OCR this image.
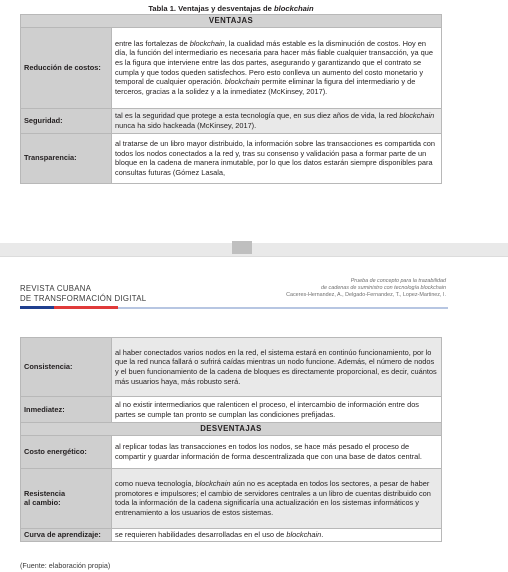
Tabla 1. Ventajas y desventajas de blockchain
VENTAJAS	
Reducción de costos:	entre las fortalezas de blockchain, la cualidad más estable es la disminución de costos. Hoy en día, la función del intermediario es necesaria para hacer más fiable cualquier transacción, ya que es la figura que interviene entre las dos partes, asegurando y garantizando que el contrato se cumpla y que todos queden satisfechos. Pero esto conlleva un aumento del costo monetario y temporal de cualquier operación. blockchain permite eliminar la figura del intermediario y de terceros, gracias a la solidez y a la inmediatez (McKinsey, 2017).
Seguridad:	tal es la seguridad que protege a esta tecnología que, en sus diez años de vida, la red blockchain nunca ha sido hackeada (McKinsey, 2017).
Transparencia:	al tratarse de un libro mayor distribuido, la información sobre las transacciones es compartida con todos los nodos conectados a la red y, tras su consenso y validación pasa a formar parte de un bloque en la cadena de manera inmutable, por lo que los datos estarán siempre disponibles para consultas futuras (Gómez Lasala,
REVISTA CUBANA
DE TRANSFORMACIÓN DIGITAL
Prueba de concepto para la trazabilidad
de cadenas de suministro con tecnología blockchain
Caceres-Hernandez, A., Delgado-Fernandez, T., Lopez-Martinez, I.
Consistencia:	al haber conectados varios nodos en la red, el sistema estará en continúo funcionamiento, por lo que la red nunca fallará o sufrirá caídas mientras un nodo funcione. Además, el número de nodos y el buen funcionamiento de la cadena de bloques es directamente proporcional, es decir, cuántos más usuarios haya, más robusto será.
Inmediatez:	al no existir intermediarios que ralenticen el proceso, el intercambio de información entre dos partes se cumple tan pronto se cumplan las condiciones prefijadas.
DESVENTAJAS	
Costo energético:	al replicar todas las transacciones en todos los nodos, se hace más pesado el proceso de compartir y guardar información de forma descentralizada que con una base de datos central.
Resistencia
al cambio:	como nueva tecnología, blockchain aún no es aceptada en todos los sectores, a pesar de haber promotores e impulsores; el cambio de servidores centrales a un libro de cuentas distribuido con toda la información de la cadena significaría una actualización en los sistemas informáticos y entrenamiento a los usuarios de estos sistemas.
Curva de aprendizaje:	se requieren habilidades desarrolladas en el uso de blockchain.
(Fuente: elaboración propia)
